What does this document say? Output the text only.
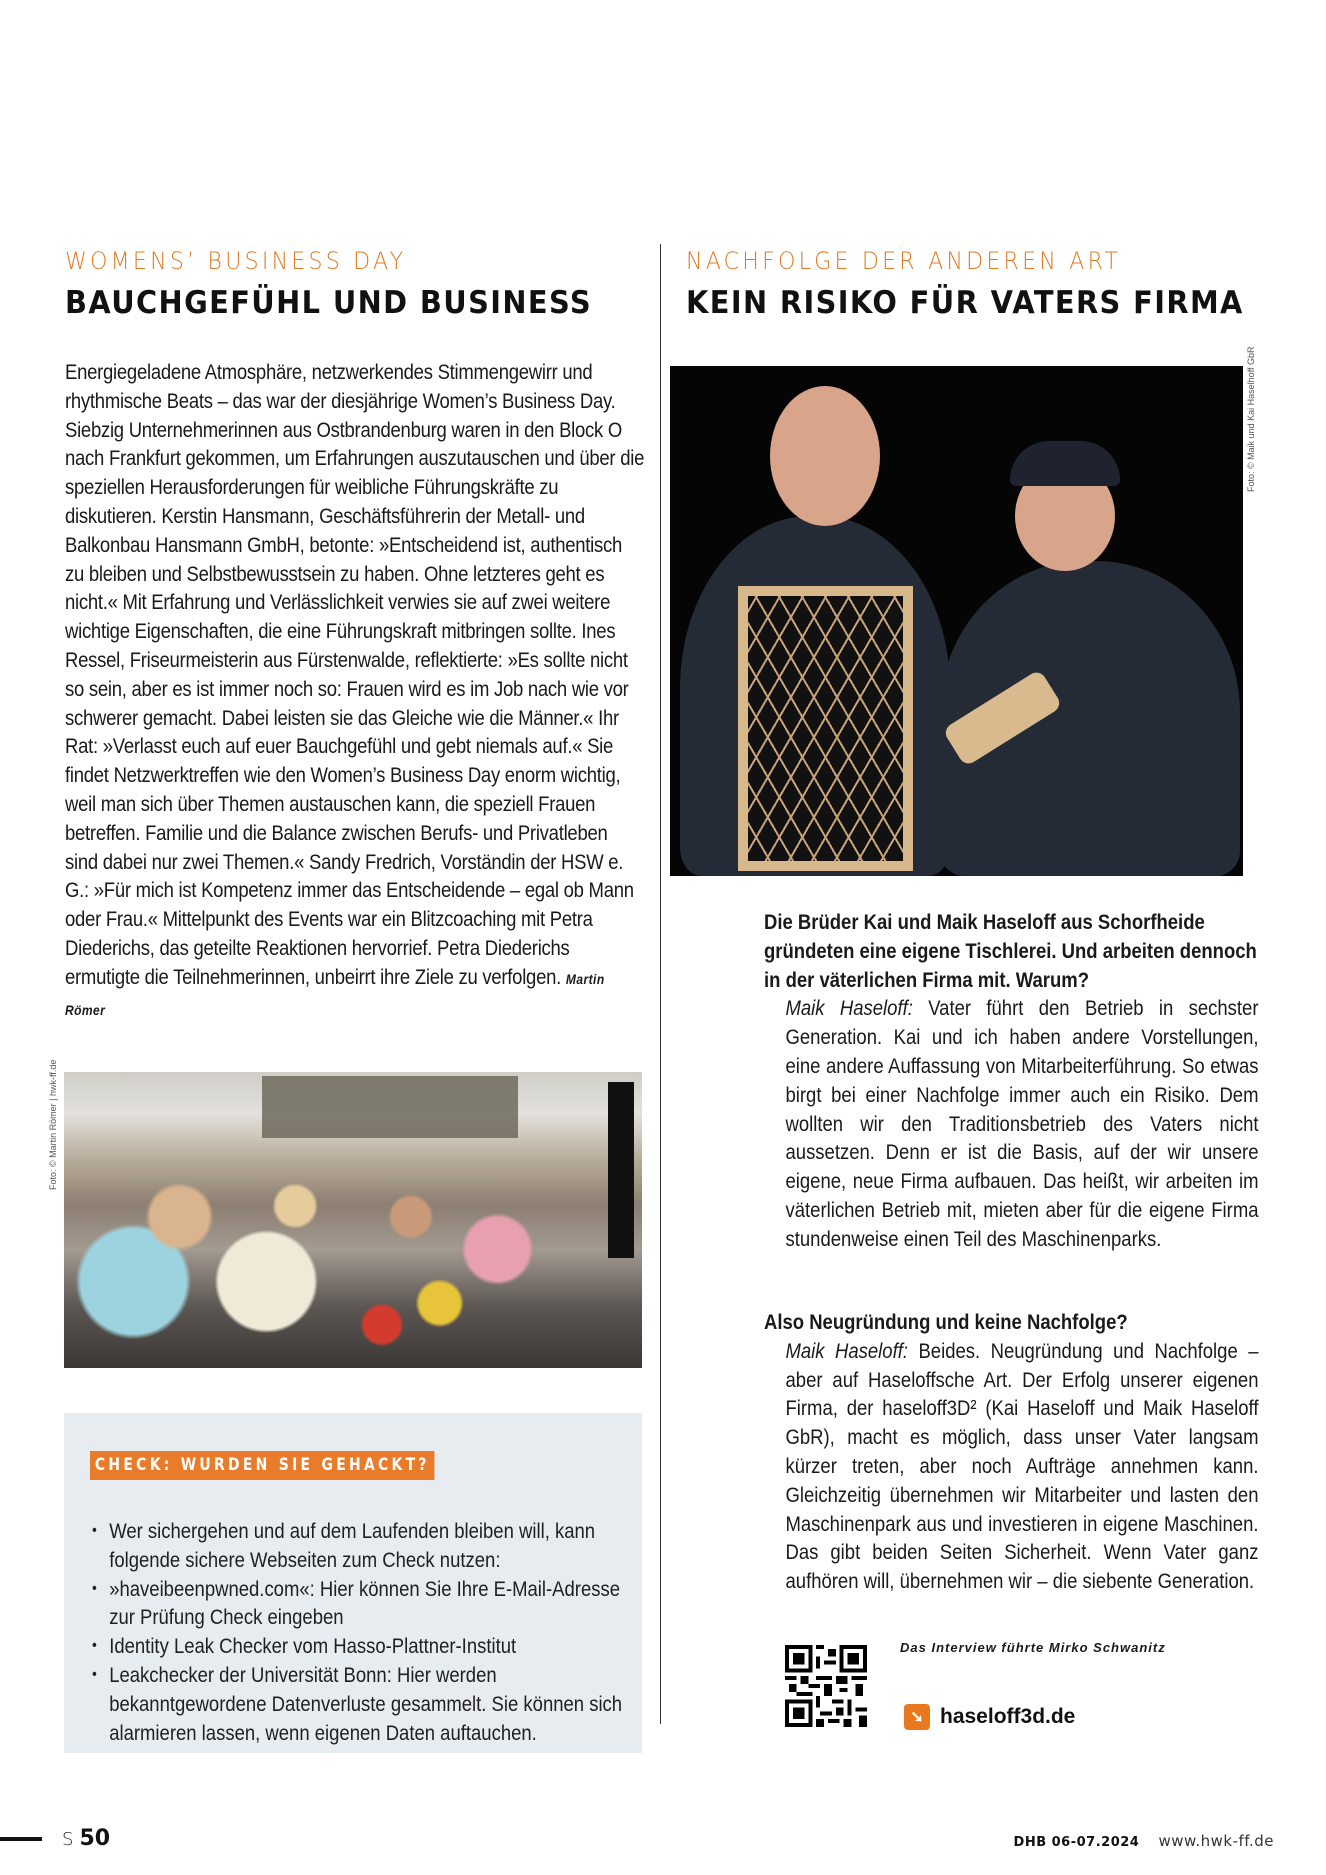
WOMENS’ BUSINESS DAY
BAUCHGEFÜHL UND BUSINESS

Energiegeladene Atmosphäre, netzwerkendes Stimmengewirr und rhythmische Beats – das war der diesjährige Women’s Business Day. Siebzig Unternehmerinnen aus Ostbrandenburg waren in den Block O nach Frankfurt gekommen, um Erfahrungen auszutauschen und über die speziellen Herausforderungen für weibliche Führungskräfte zu diskutieren. Kerstin Hansmann, Geschäftsführerin der Metall- und Balkonbau Hansmann GmbH, betonte: »Entscheidend ist, authentisch zu bleiben und Selbstbewusstsein zu haben. Ohne letzteres geht es nicht.« Mit Erfahrung und Verlässlichkeit verwies sie auf zwei weitere wichtige Eigenschaften, die eine Führungskraft mitbringen sollte. Ines Ressel, Friseurmeisterin aus Fürstenwalde, reflektierte: »Es sollte nicht so sein, aber es ist immer noch so: Frauen wird es im Job nach wie vor schwerer gemacht. Dabei leisten sie das Gleiche wie die Männer.« Ihr Rat: »Verlasst euch auf euer Bauchgefühl und gebt niemals auf.« Sie findet Netzwerktreffen wie den Women’s Business Day enorm wichtig, weil man sich über Themen austauschen kann, die speziell Frauen betreffen. Familie und die Balance zwischen Berufs- und Privatleben sind dabei nur zwei Themen.« Sandy Fredrich, Vorständin der HSW e. G.: »Für mich ist Kompetenz immer das Entscheidende – egal ob Mann oder Frau.« Mittelpunkt des Events war ein Blitzcoaching mit Petra Diederichs, das geteilte Reaktionen hervorrief. Petra Diederichs ermutigte die Teilnehmerinnen, unbeirrt ihre Ziele zu verfolgen. Martin Römer

Foto: © Martin Römer | hwk-ff.de
CHECK: WURDEN SIE GEHACKT?
• Wer sichergehen und auf dem Laufenden bleiben will, kann folgende sichere Webseiten zum Check nutzen:
• »haveibeenpwned.com«: Hier können Sie Ihre E-Mail-Adresse zur Prüfung Check eingeben
• Identity Leak Checker vom Hasso-Plattner-Institut
• Leakchecker der Universität Bonn: Hier werden bekanntgewordene Datenverluste gesammelt. Sie können sich alarmieren lassen, wenn eigenen Daten auftauchen.
NACHFOLGE DER ANDEREN ART
KEIN RISIKO FÜR VATERS FIRMA
Foto: © Maik und Kai Haselhoff GbR
Die Brüder Kai und Maik Haseloff aus Schorfheide gründeten eine eigene Tischlerei. Und arbeiten dennoch in der väterlichen Firma mit. Warum?
Maik Haseloff: Vater führt den Betrieb in sechster Generation. Kai und ich haben andere Vorstellungen, eine andere Auffassung von Mitarbeiterführung. So etwas birgt bei einer Nachfolge immer auch ein Risiko. Dem wollten wir den Traditionsbetrieb des Vaters nicht aussetzen. Denn er ist die Basis, auf der wir unsere eigene, neue Firma aufbauen. Das heißt, wir arbeiten im väterlichen Betrieb mit, mieten aber für die eigene Firma stundenweise einen Teil des Maschinenparks.
Also Neugründung und keine Nachfolge?
Maik Haseloff: Beides. Neugründung und Nachfolge – aber auf Haseloffsche Art. Der Erfolg unserer eigenen Firma, der haseloff3D² (Kai Haseloff und Maik Haseloff GbR), macht es möglich, dass unser Vater langsam kürzer treten, aber noch Aufträge annehmen kann. Gleichzeitig übernehmen wir Mitarbeiter und lasten den Maschinenpark aus und investieren in eigene Maschinen. Das gibt beiden Seiten Sicherheit. Wenn Vater ganz aufhören will, übernehmen wir – die siebente Generation.
Das Interview führte Mirko Schwanitz
➘ haseloff3d.de
S 50	DHB 06-07.2024 www.hwk-ff.de
